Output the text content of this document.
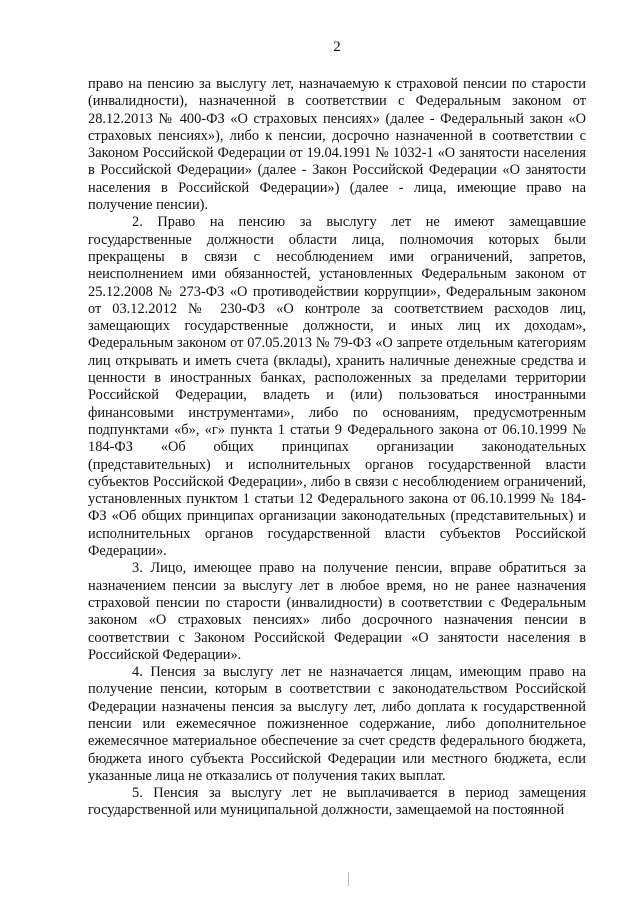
2

право на пенсию за выслугу лет, назначаемую к страховой пенсии по старости (инвалидности), назначенной в соответствии с Федеральным законом от 28.12.2013 № 400-ФЗ «О страховых пенсиях» (далее - Федеральный закон «О страховых пенсиях»), либо к пенсии, досрочно назначенной в соответствии с Законом Российской Федерации от 19.04.1991 № 1032-1 «О занятости населения в Российской Федерации» (далее - Закон Российской Федерации «О занятости населения в Российской Федерации») (далее - лица, имеющие право на получение пенсии).

2. Право на пенсию за выслугу лет не имеют замещавшие государственные должности области лица, полномочия которых были прекращены в связи с несоблюдением ими ограничений, запретов, неисполнением ими обязанностей, установленных Федеральным законом от 25.12.2008 № 273-ФЗ «О противодействии коррупции», Федеральным законом от 03.12.2012 № 230-ФЗ «О контроле за соответствием расходов лиц, замещающих государственные должности, и иных лиц их доходам», Федеральным законом от 07.05.2013 № 79-ФЗ «О запрете отдельным категориям лиц открывать и иметь счета (вклады), хранить наличные денежные средства и ценности в иностранных банках, расположенных за пределами территории Российской Федерации, владеть и (или) пользоваться иностранными финансовыми инструментами», либо по основаниям, предусмотренным подпунктами «б», «г» пункта 1 статьи 9 Федерального закона от 06.10.1999 № 184-ФЗ «Об общих принципах организации законодательных (представительных) и исполнительных органов государственной власти субъектов Российской Федерации», либо в связи с несоблюдением ограничений, установленных пунктом 1 статьи 12 Федерального закона от 06.10.1999 № 184-ФЗ «Об общих принципах организации законодательных (представительных) и исполнительных органов государственной власти субъектов Российской Федерации».

3. Лицо, имеющее право на получение пенсии, вправе обратиться за назначением пенсии за выслугу лет в любое время, но не ранее назначения страховой пенсии по старости (инвалидности) в соответствии с Федеральным законом «О страховых пенсиях» либо досрочного назначения пенсии в соответствии с Законом Российской Федерации «О занятости населения в Российской Федерации».

4. Пенсия за выслугу лет не назначается лицам, имеющим право на получение пенсии, которым в соответствии с законодательством Российской Федерации назначены пенсия за выслугу лет, либо доплата к государственной пенсии или ежемесячное пожизненное содержание, либо дополнительное ежемесячное материальное обеспечение за счет средств федерального бюджета, бюджета иного субъекта Российской Федерации или местного бюджета, если указанные лица не отказались от получения таких выплат.

5. Пенсия за выслугу лет не выплачивается в период замещения государственной или муниципальной должности, замещаемой на постоянной
